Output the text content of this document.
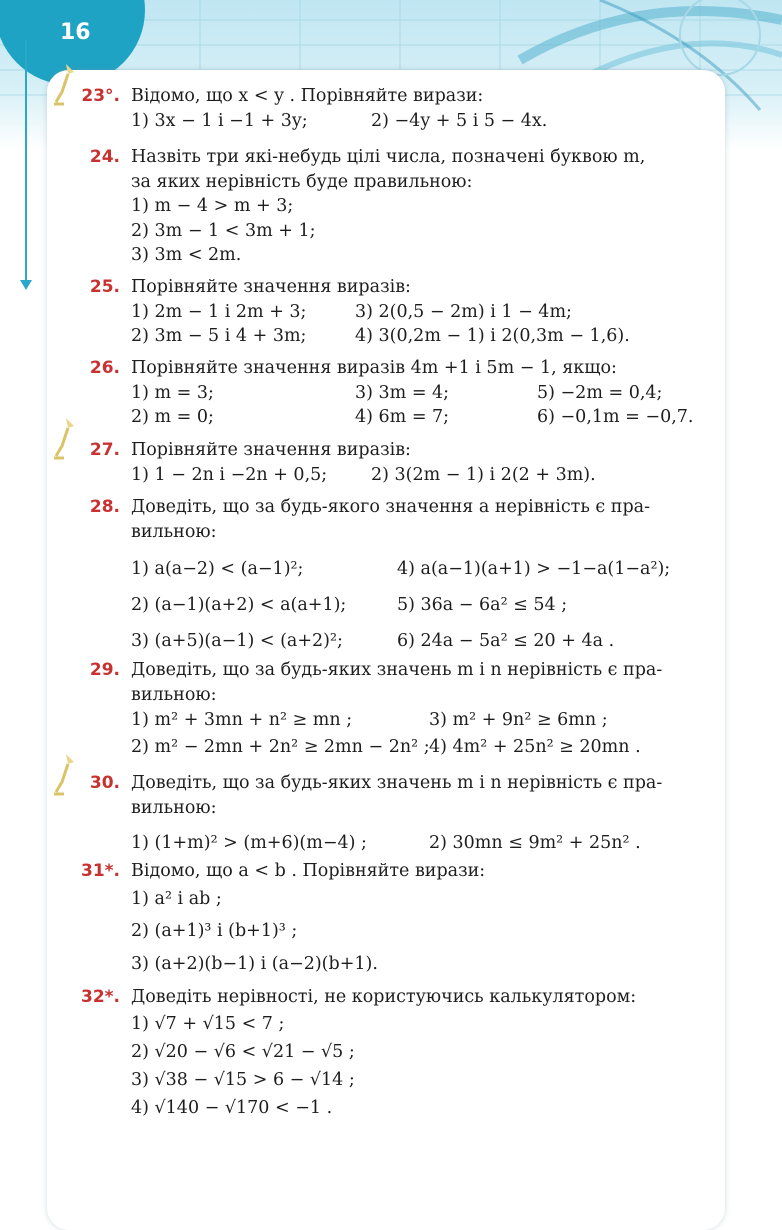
16
23°. Відомо, що x < y . Порівняйте вирази:
1) 3x − 1 і −1 + 3y;	2) −4y + 5 і 5 − 4x.
24. Назвіть три які-небудь цілі числа, позначені буквою m,
за яких нерівність буде правильною:
1) m − 4 > m + 3;
2) 3m − 1 < 3m + 1;
3) 3m < 2m.
25. Порівняйте значення виразів:
1) 2m − 1 і 2m + 3;	3) 2(0,5 − 2m) і 1 − 4m;
2) 3m − 5 і 4 + 3m;	4) 3(0,2m − 1) і 2(0,3m − 1,6).
26. Порівняйте значення виразів 4m +1 і 5m − 1, якщо:
1) m = 3;	3) 3m = 4;	5) −2m = 0,4;
2) m = 0;	4) 6m = 7;	6) −0,1m = −0,7.
27. Порівняйте значення виразів:
1) 1 − 2n і −2n + 0,5;	2) 3(2m − 1) і 2(2 + 3m).
28. Доведіть, що за будь-якого значення a нерівність є пра-
вильною:
1) a(a−2) < (a−1)²;	4) a(a−1)(a+1) > −1−a(1−a²);
2) (a−1)(a+2) < a(a+1);	5) 36a − 6a² ≤ 54 ;
3) (a+5)(a−1) < (a+2)²;	6) 24a − 5a² ≤ 20 + 4a .
29. Доведіть, що за будь-яких значень m і n нерівність є пра-
вильною:
1) m² + 3mn + n² ≥ mn ;	3) m² + 9n² ≥ 6mn ;
2) m² − 2mn + 2n² ≥ 2mn − 2n² ; 4) 4m² + 25n² ≥ 20mn .
30. Доведіть, що за будь-яких значень m і n нерівність є пра-
вильною:
1) (1+m)² > (m+6)(m−4) ;	2) 30mn ≤ 9m² + 25n² .
31*. Відомо, що a < b . Порівняйте вирази:
1) a² і ab ;
2) (a+1)³ і (b+1)³ ;
3) (a+2)(b−1) і (a−2)(b+1).
32*. Доведіть нерівності, не користуючись калькулятором:
1) √7 + √15 < 7 ;
2) √20 − √6 < √21 − √5 ;
3) √38 − √15 > 6 − √14 ;
4) √140 − √170 < −1 .
